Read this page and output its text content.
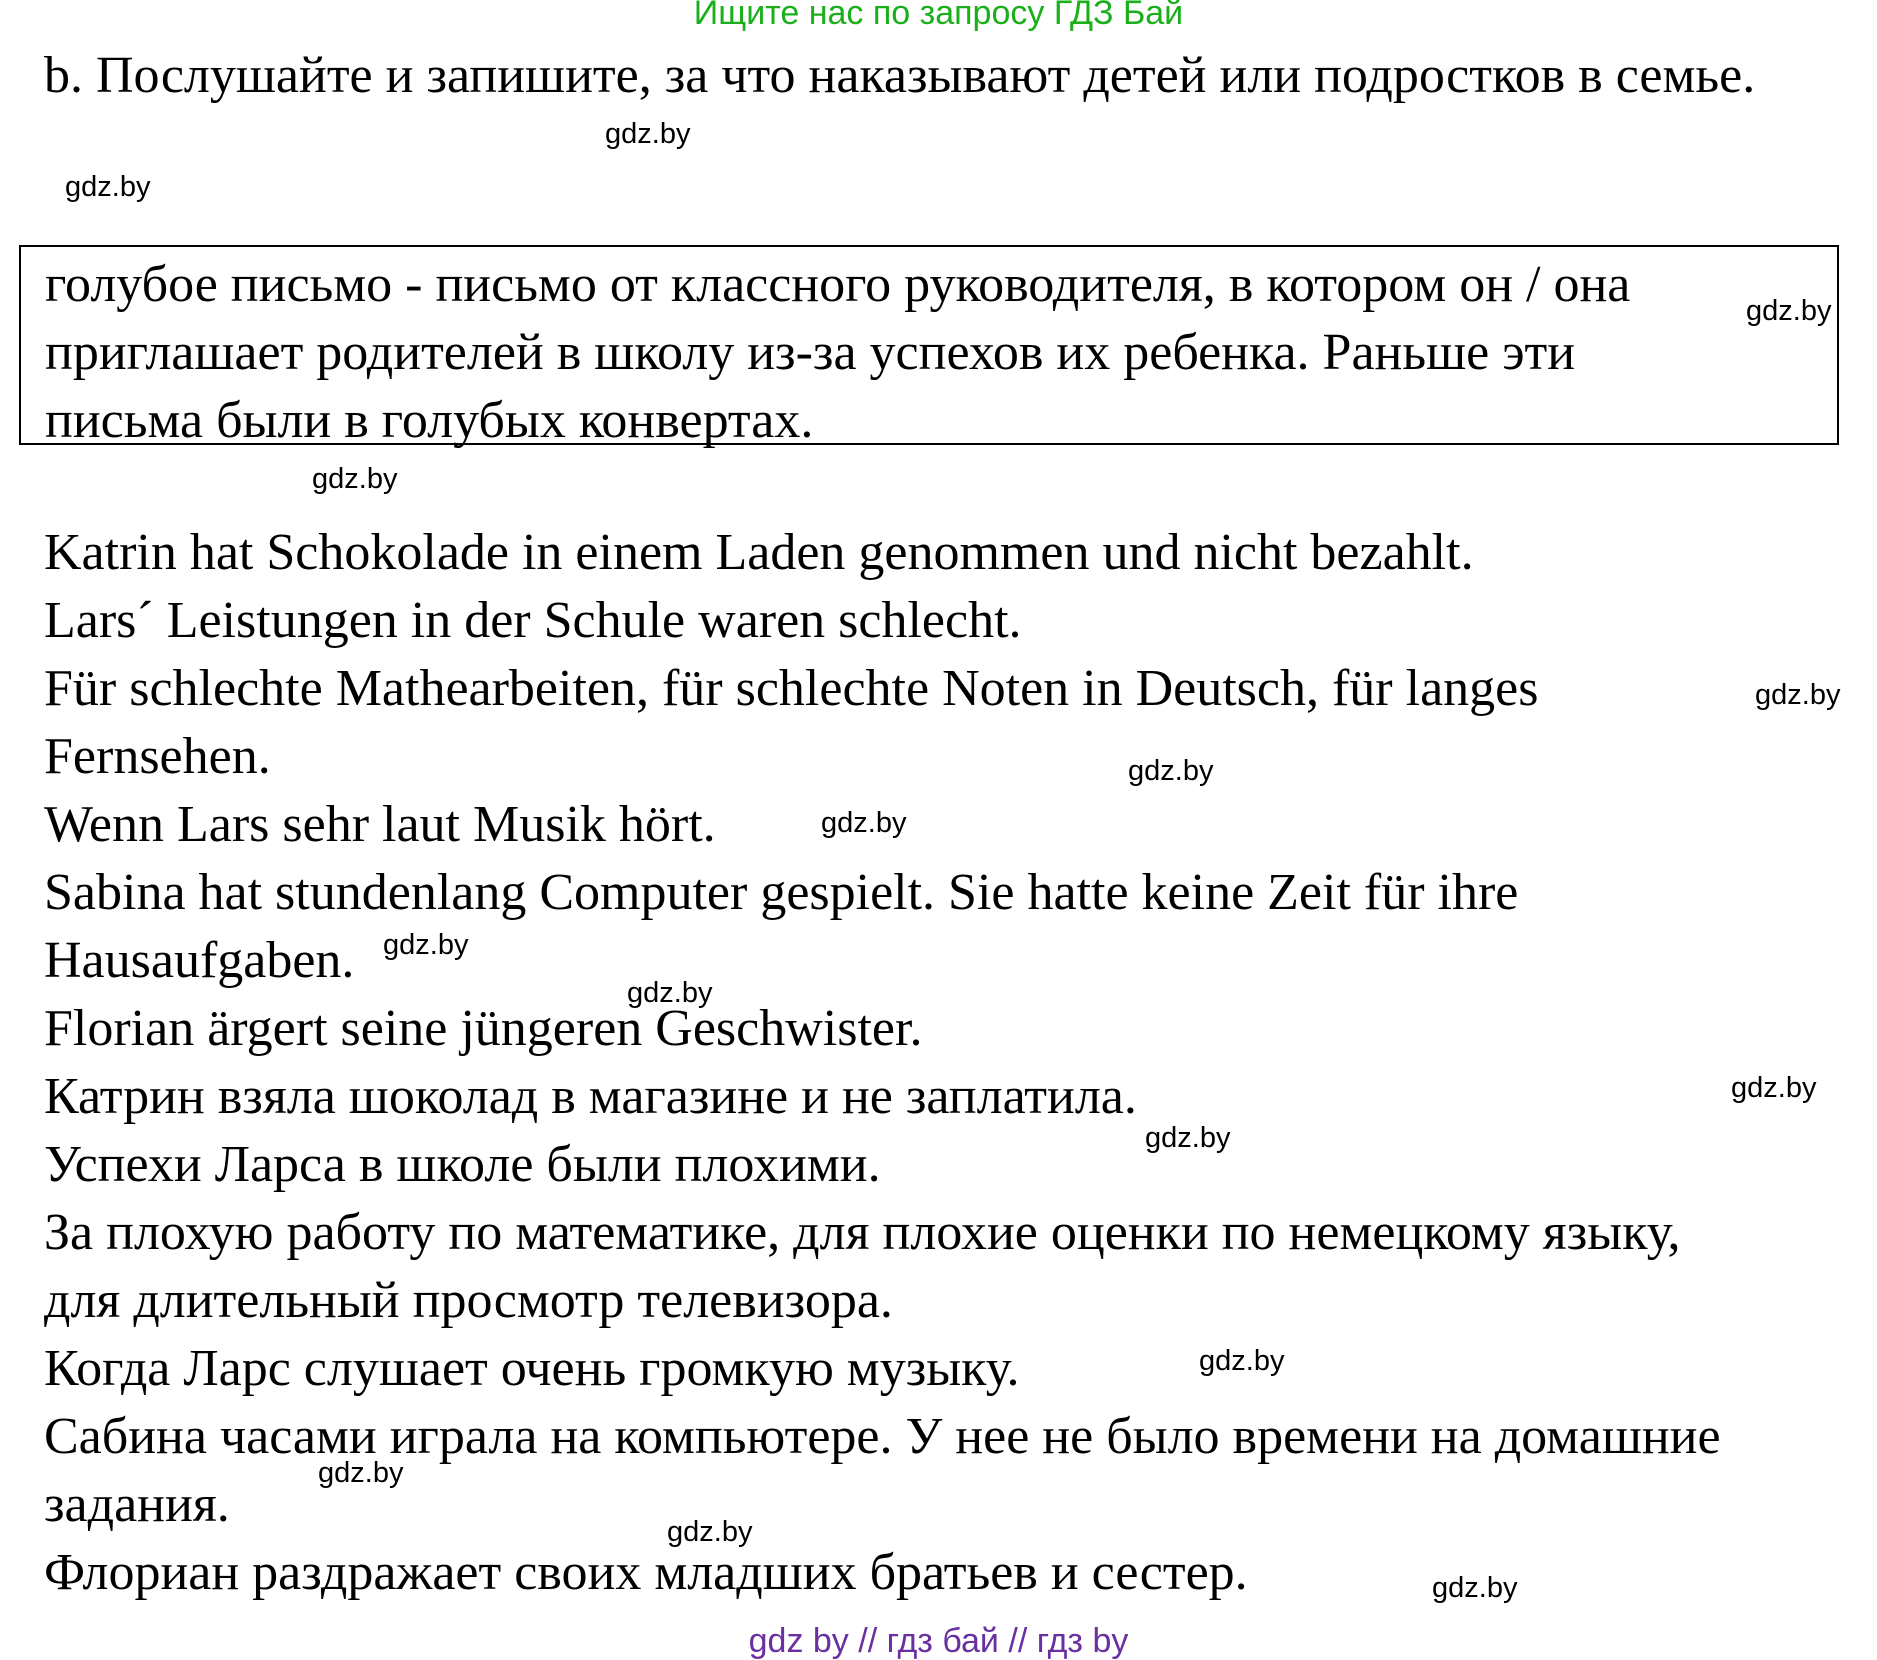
Ищите нас по запросу ГДЗ Бай
b. Послушайте и запишите, за что наказывают детей или подростков в семье.
голубое письмо - письмо от классного руководителя, в котором он / она приглашает родителей в школу из-за успехов их ребенка. Раньше эти письма были в голубых конвертах.
Katrin hat Schokolade in einem Laden genommen und nicht bezahlt.
Lars´ Leistungen in der Schule waren schlecht.
Für schlechte Mathearbeiten, für schlechte Noten in Deutsch, für langes Fernsehen.
Wenn Lars sehr laut Musik hört.
Sabina hat stundenlang Computer gespielt. Sie hatte keine Zeit für ihre Hausaufgaben.
Florian ärgert seine jüngeren Geschwister.
Катрин взяла шоколад в магазине и не заплатила.
Успехи Ларса в школе были плохими.
За плохую работу по математике, для плохие оценки по немецкому языку, для длительный просмотр телевизора.
Когда Ларс слушает очень громкую музыку.
Сабина часами играла на компьютере. У нее не было времени на домашние задания.
Флориан раздражает своих младших братьев и сестер.
gdz.by
gdz.by
gdz.by
gdz.by
gdz.by
gdz.by
gdz.by
gdz.by
gdz.by
gdz.by
gdz.by
gdz.by
gdz.by
gdz.by
gdz.by
gdz by // гдз бай // гдз by
